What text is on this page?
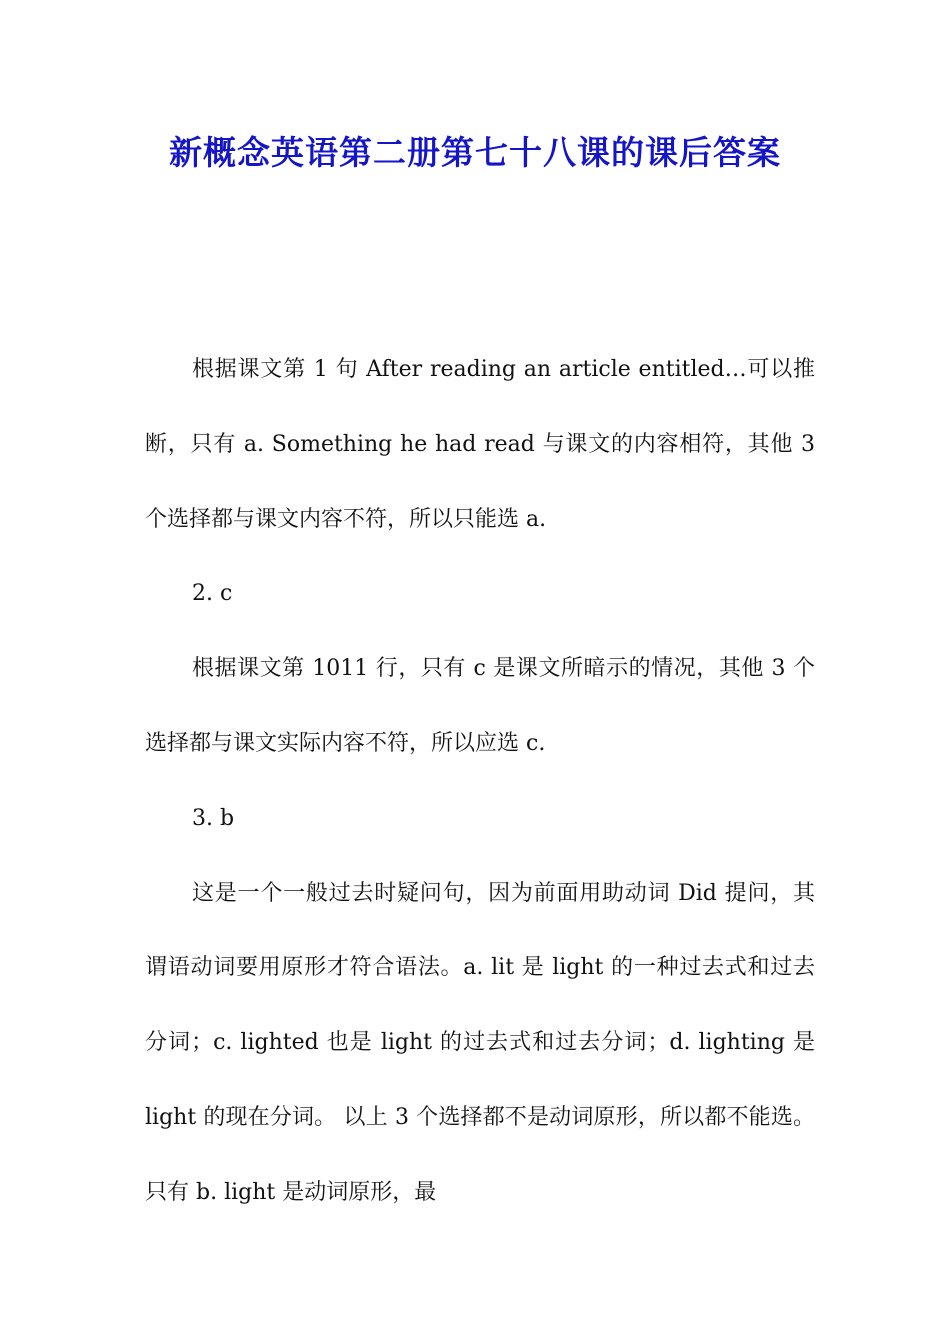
新概念英语第二册第七十八课的课后答案

根据课文第 1 句 After reading an article entitled…可以推断，只有 a. Something he had read 与课文的内容相符，其他 3 个选择都与课文内容不符，所以只能选 a.

2. c

根据课文第 1011 行，只有 c 是课文所暗示的情况，其他 3 个选择都与课文实际内容不符，所以应选 c.

3. b

这是一个一般过去时疑问句，因为前面用助动词 Did 提问，其谓语动词要用原形才符合语法。a. lit 是 light 的一种过去式和过去分词；c. lighted 也是 light 的过去式和过去分词；d. lighting 是 light 的现在分词。 以上 3 个选择都不是动词原形，所以都不能选。 只有 b. light 是动词原形，最
